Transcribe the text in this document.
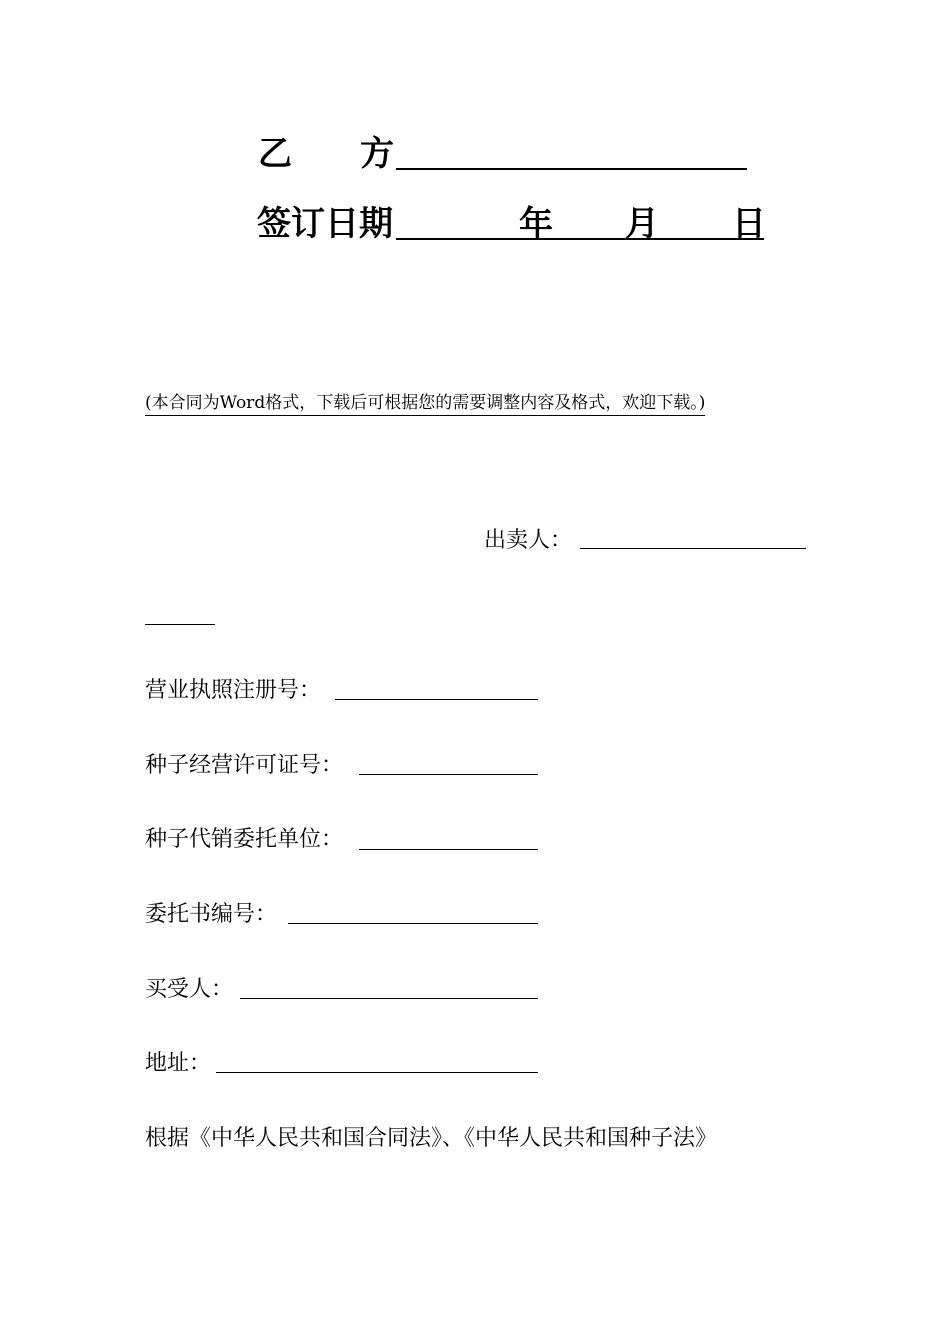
乙 方
签订日期	年 月 日
(本合同为Word格式，下载后可根据您的需要调整内容及格式，欢迎下载。)
出卖人：
营业执照注册号：
种子经营许可证号：
种子代销委托单位：
委托书编号：
买受人：
地址：
根据《中华人民共和国合同法》、《中华人民共和国种子法》
